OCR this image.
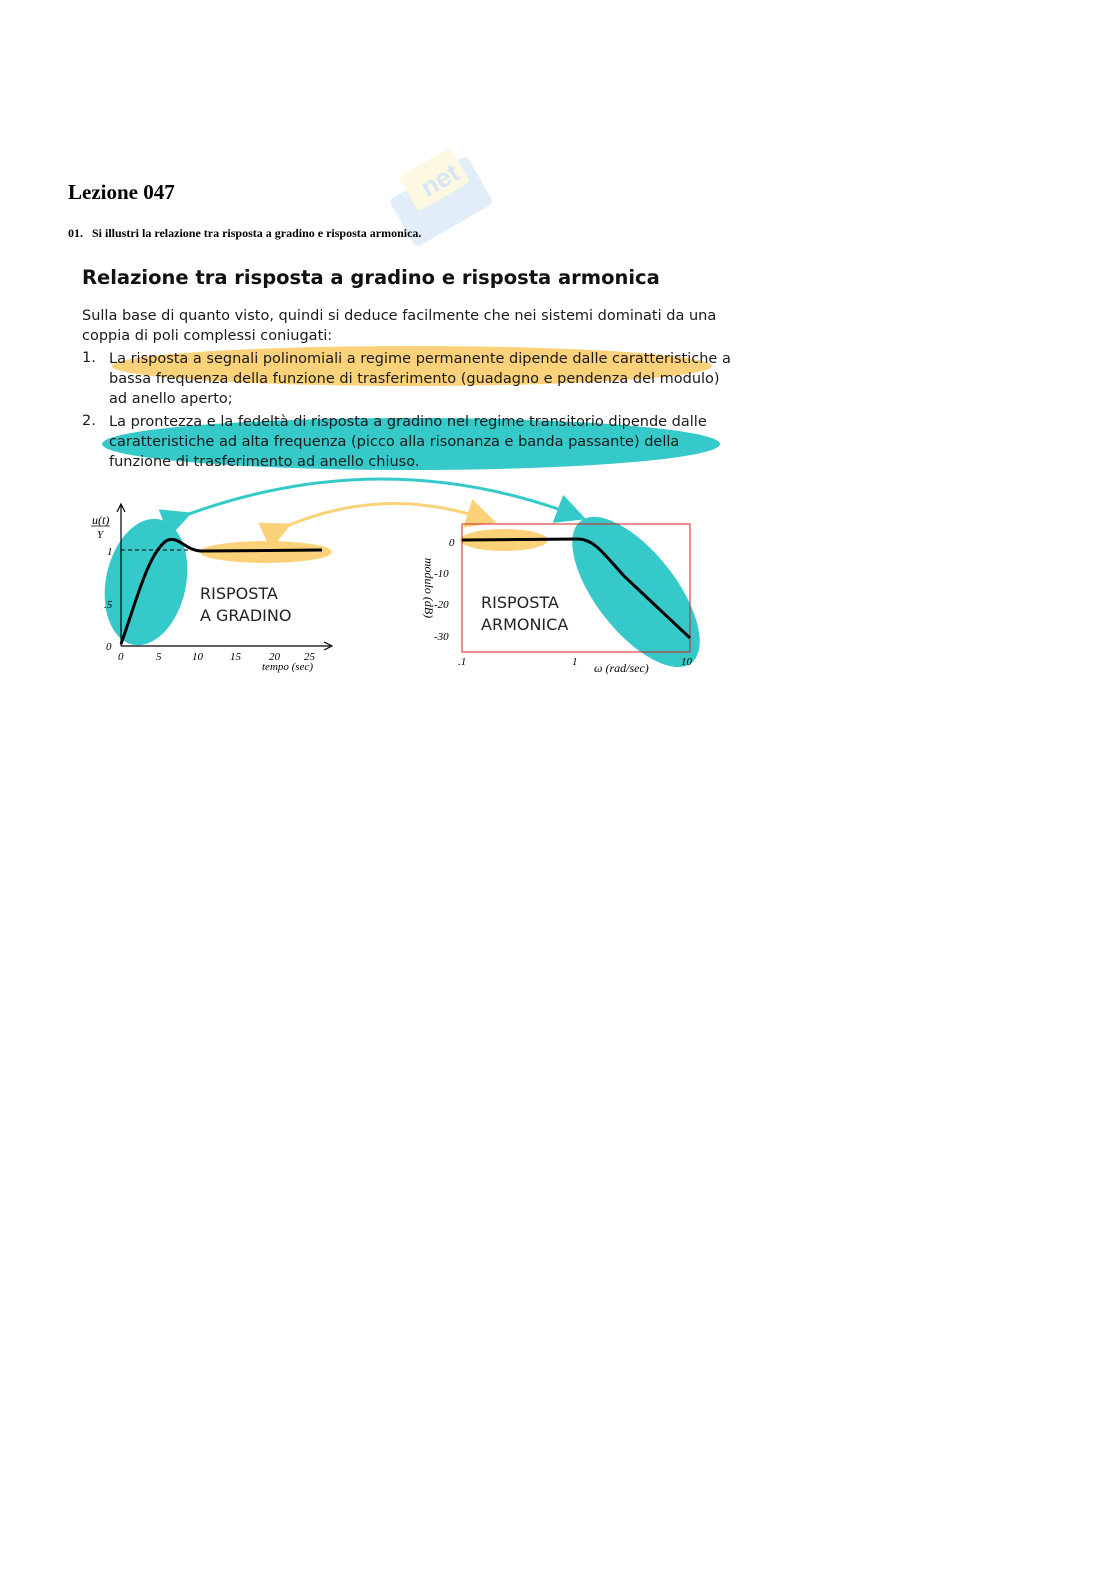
net
Lezione 047
01. Si illustri la relazione tra risposta a gradino e risposta armonica.
Relazione tra risposta a gradino e risposta armonica
Sulla base di quanto visto, quindi si deduce facilmente che nei sistemi dominati da una
coppia di poli complessi coniugati:
1. La risposta a segnali polinomiali a regime permanente dipende dalle caratteristiche a
bassa frequenza della funzione di trasferimento (guadagno e pendenza del modulo)
ad anello aperto;
2. La prontezza e la fedeltà di risposta a gradino nel regime transitorio dipende dalle
caratteristiche ad alta frequenza (picco alla risonanza e banda passante) della
funzione di trasferimento ad anello chiuso.
u(t)
Y
1
.5
0
0	5	10 15	20 25
tempo (sec)
RISPOSTA
A GRADINO	modulo (dB)
0
-10
-20
-30
.1	1	10
ω (rad/sec)
RISPOSTA
ARMONICA
